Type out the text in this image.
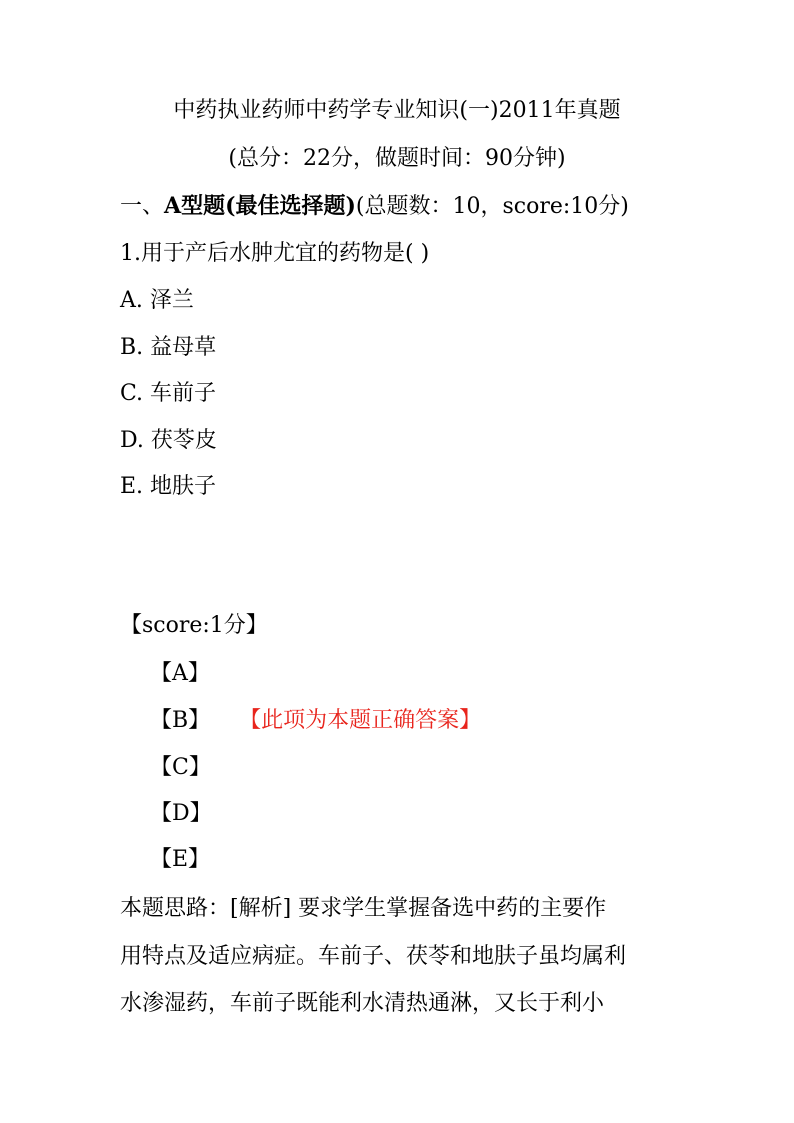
中药执业药师中药学专业知识(一)2011年真题
(总分：22分，做题时间：90分钟)
一、A型题(最佳选择题)(总题数：10，score:10分)
1.用于产后水肿尤宜的药物是( )
A. 泽兰
B. 益母草
C. 车前子
D. 茯苓皮
E. 地肤子
【score:1分】
【A】
【B】 【此项为本题正确答案】
【C】
【D】
【E】
本题思路：[解析] 要求学生掌握备选中药的主要作
用特点及适应病症。车前子、茯苓和地肤子虽均属利
水渗湿药，车前子既能利水清热通淋，又长于利小
